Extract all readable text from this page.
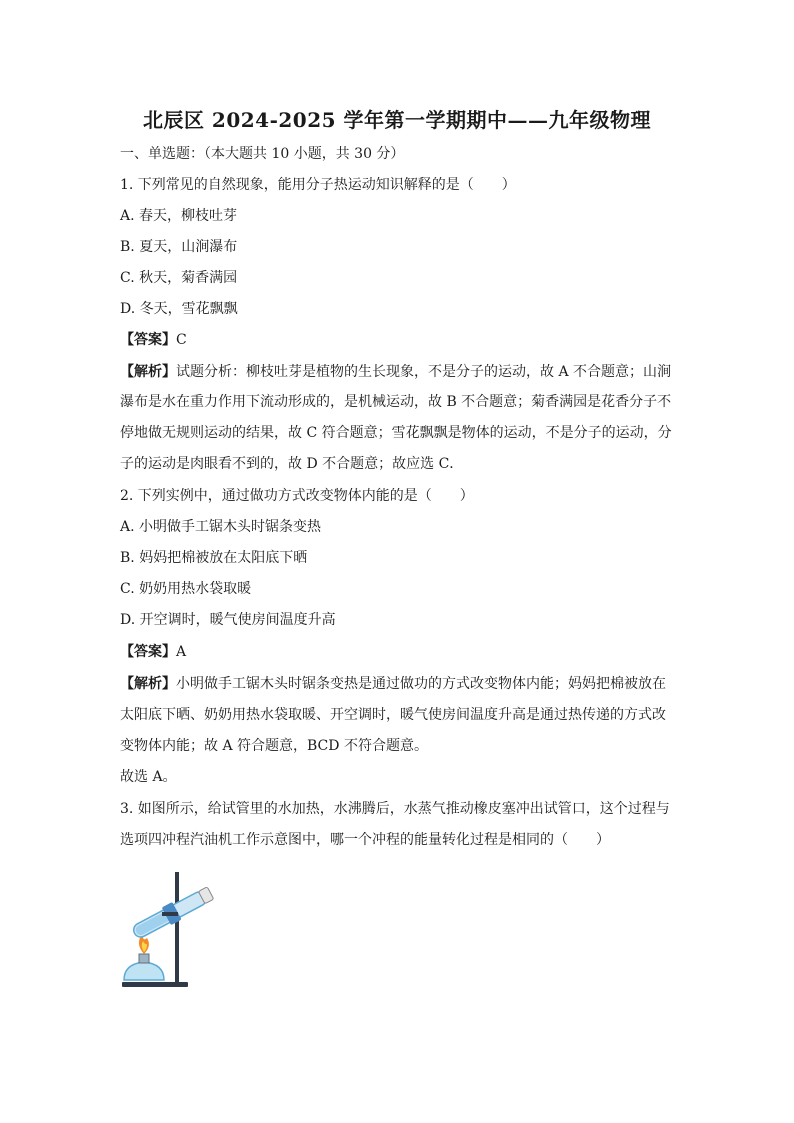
北辰区 2024-2025 学年第一学期期中——九年级物理
一、单选题：（本大题共 10 小题，共 30 分）
1. 下列常见的自然现象，能用分子热运动知识解释的是（　　）
A. 春天，柳枝吐芽
B. 夏天，山涧瀑布
C. 秋天，菊香满园
D. 冬天，雪花飘飘
【答案】C
【解析】试题分析：柳枝吐芽是植物的生长现象，不是分子的运动，故 A 不合题意；山涧
瀑布是水在重力作用下流动形成的，是机械运动，故 B 不合题意；菊香满园是花香分子不
停地做无规则运动的结果，故 C 符合题意；雪花飘飘是物体的运动，不是分子的运动，分
子的运动是肉眼看不到的，故 D 不合题意；故应选 C．
2. 下列实例中，通过做功方式改变物体内能的是（　　）
A. 小明做手工锯木头时锯条变热
B. 妈妈把棉被放在太阳底下晒
C. 奶奶用热水袋取暖
D. 开空调时，暖气使房间温度升高
【答案】A
【解析】小明做手工锯木头时锯条变热是通过做功的方式改变物体内能；妈妈把棉被放在
太阳底下晒、奶奶用热水袋取暖、开空调时，暖气使房间温度升高是通过热传递的方式改
变物体内能；故 A 符合题意，BCD 不符合题意。
故选 A。
3. 如图所示，给试管里的水加热，水沸腾后，水蒸气推动橡皮塞冲出试管口，这个过程与
选项四冲程汽油机工作示意图中，哪一个冲程的能量转化过程是相同的（　　）
